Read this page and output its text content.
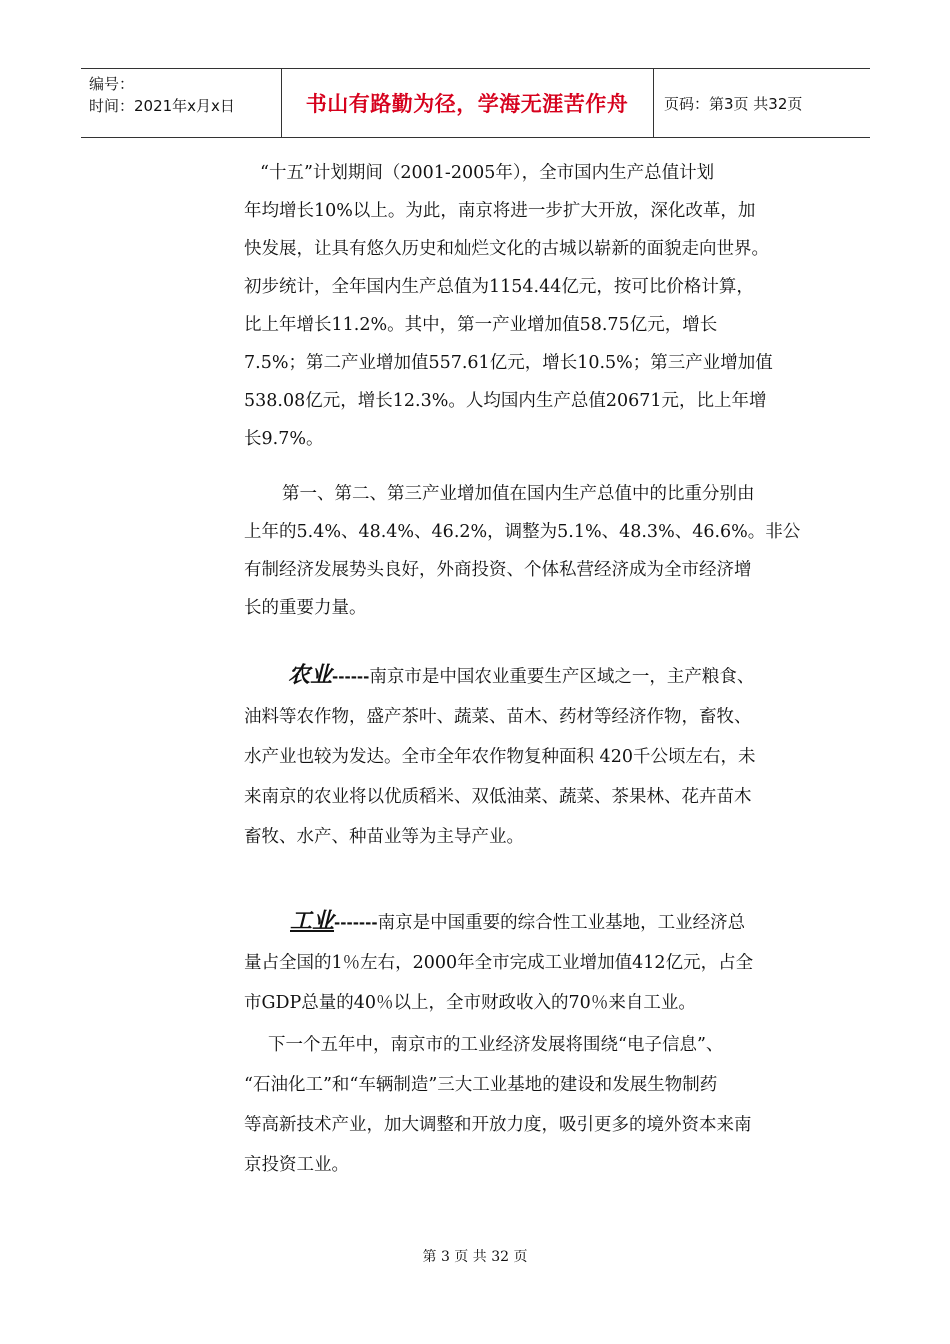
编号：
时间：2021年x月x日	书山有路勤为径，学海无涯苦作舟 页码：第3页 共32页
“十五”计划期间（2001-2005年），全市国内生产总值计划
年均增长10%以上。为此，南京将进一步扩大开放，深化改革，加
快发展，让具有悠久历史和灿烂文化的古城以崭新的面貌走向世界。
初步统计，全年国内生产总值为1154.44亿元，按可比价格计算，
比上年增长11.2%。其中，第一产业增加值58.75亿元，增长
7.5%；第二产业增加值557.61亿元，增长10.5%；第三产业增加值
538.08亿元，增长12.3%。人均国内生产总值20671元，比上年增
长9.7%。
第一、第二、第三产业增加值在国内生产总值中的比重分别由
上年的5.4%、48.4%、46.2%，调整为5.1%、48.3%、46.6%。非公
有制经济发展势头良好，外商投资、个体私营经济成为全市经济增
长的重要力量。
农业------南京市是中国农业重要生产区域之一，主产粮食、
油料等农作物，盛产茶叶、蔬菜、苗木、药材等经济作物，畜牧、
水产业也较为发达。全市全年农作物复种面积 420千公顷左右，未
来南京的农业将以优质稻米、双低油菜、蔬菜、茶果林、花卉苗木
畜牧、水产、种苗业等为主导产业。
工业-------南京是中国重要的综合性工业基地，工业经济总
量占全国的1％左右，2000年全市完成工业增加值412亿元，占全
市GDP总量的40％以上，全市财政收入的70％来自工业。
下一个五年中，南京市的工业经济发展将围绕“电子信息”、
“石油化工”和“车辆制造”三大工业基地的建设和发展生物制药
等高新技术产业，加大调整和开放力度，吸引更多的境外资本来南
京投资工业。
第 3 页 共 32 页
